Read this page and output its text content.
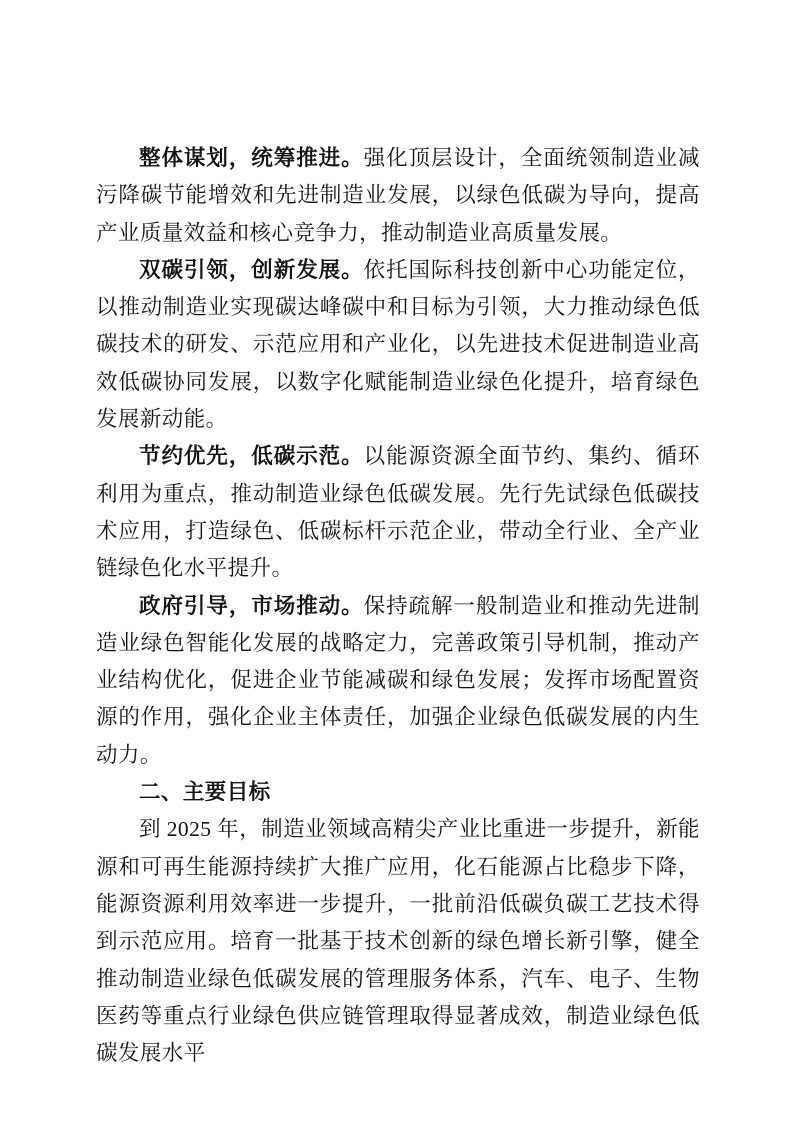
整体谋划，统筹推进。强化顶层设计，全面统领制造业减污降碳节能增效和先进制造业发展，以绿色低碳为导向，提高产业质量效益和核心竞争力，推动制造业高质量发展。

双碳引领，创新发展。依托国际科技创新中心功能定位，以推动制造业实现碳达峰碳中和目标为引领，大力推动绿色低碳技术的研发、示范应用和产业化，以先进技术促进制造业高效低碳协同发展，以数字化赋能制造业绿色化提升，培育绿色发展新动能。

节约优先，低碳示范。以能源资源全面节约、集约、循环利用为重点，推动制造业绿色低碳发展。先行先试绿色低碳技术应用，打造绿色、低碳标杆示范企业，带动全行业、全产业链绿色化水平提升。

政府引导，市场推动。保持疏解一般制造业和推动先进制造业绿色智能化发展的战略定力，完善政策引导机制，推动产业结构优化，促进企业节能减碳和绿色发展；发挥市场配置资源的作用，强化企业主体责任，加强企业绿色低碳发展的内生动力。

二、主要目标

到 2025 年，制造业领域高精尖产业比重进一步提升，新能源和可再生能源持续扩大推广应用，化石能源占比稳步下降，能源资源利用效率进一步提升，一批前沿低碳负碳工艺技术得到示范应用。培育一批基于技术创新的绿色增长新引擎，健全推动制造业绿色低碳发展的管理服务体系，汽车、电子、生物医药等重点行业绿色供应链管理取得显著成效，制造业绿色低碳发展水平
